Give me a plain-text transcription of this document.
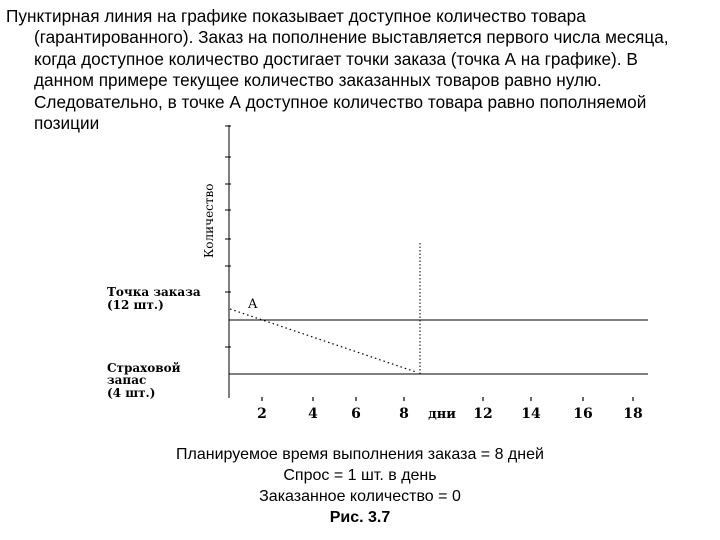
Пунктирная линия на графике показывает доступное количество товара
(гарантированного). Заказ на пополнение выставляется первого числа месяца,
когда доступное количество достигает точки заказа (точка А на графике). В
данном примере текущее количество заказанных товаров равно нулю.
Следовательно, в точке А доступное количество товара равно пополняемой
позиции
A
Количество
Точка заказа
(12 шт.)
Страховой
запас
(4 шт.)
2	4 6	8 дни 12 14 16 18
Планируемое время выполнения заказа = 8 дней
Спрос = 1 шт. в день
Заказанное количество = 0
Рис. 3.7
